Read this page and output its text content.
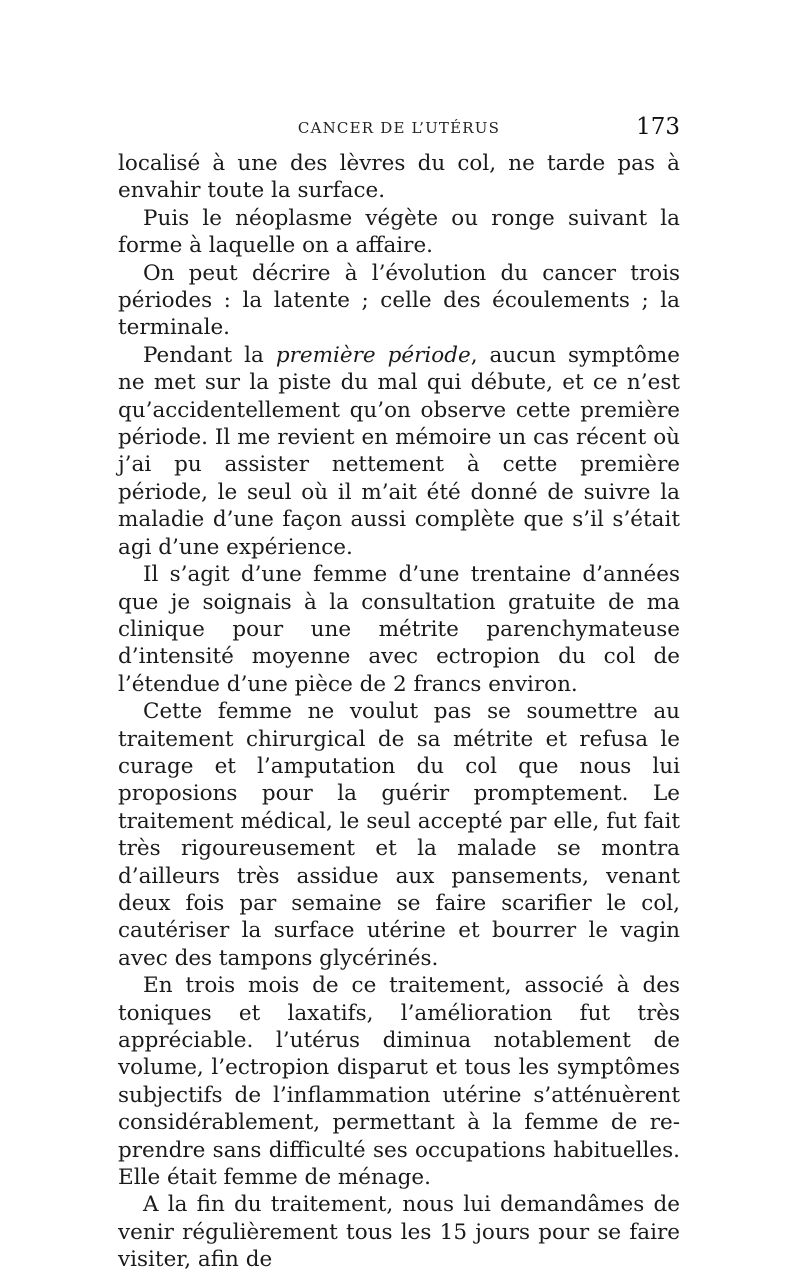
CANCER DE L’UTÉRUS	173

localisé à une des lèvres du col, ne tarde pas à envahir toute la surface.

Puis le néoplasme végète ou ronge suivant la forme à laquelle on a affaire.

On peut décrire à l’évolution du cancer trois périodes : la latente ; celle des écoulements ; la terminale.

Pendant la première période, aucun symptôme ne met sur la piste du mal qui débute, et ce n’est qu’accidentellement qu’on observe cette première période. Il me revient en mémoire un cas récent où j’ai pu assister nettement à cette première période, le seul où il m’ait été donné de suivre la maladie d’une façon aussi complète que s’il s’était agi d’une expérience.

Il s’agit d’une femme d’une trentaine d’années que je soignais à la consultation gratuite de ma clinique pour une métrite parenchymateuse d’intensité moyenne avec ectropion du col de l’étendue d’une pièce de 2 francs environ.

Cette femme ne voulut pas se soumettre au traitement chirurgical de sa métrite et refusa le curage et l’amputation du col que nous lui proposions pour la guérir promptement. Le traitement médical, le seul accepté par elle, fut fait très rigoureusement et la malade se montra d’ailleurs très assidue aux pansements, venant deux fois par semaine se faire scarifier le col, cautériser la surface utérine et bourrer le vagin avec des tampons glycérinés.

En trois mois de ce traitement, associé à des toniques et laxatifs, l’amélioration fut très appréciable. l’utérus diminua notablement de volume, l’ectropion disparut et tous les symptômes subjectifs de l’inflammation utérine s’atténuèrent considérablement, permettant à la femme de reprendre sans difficulté ses occupations habituelles. Elle était femme de ménage.

A la fin du traitement, nous lui demandâmes de venir régulièrement tous les 15 jours pour se faire visiter, afin de
